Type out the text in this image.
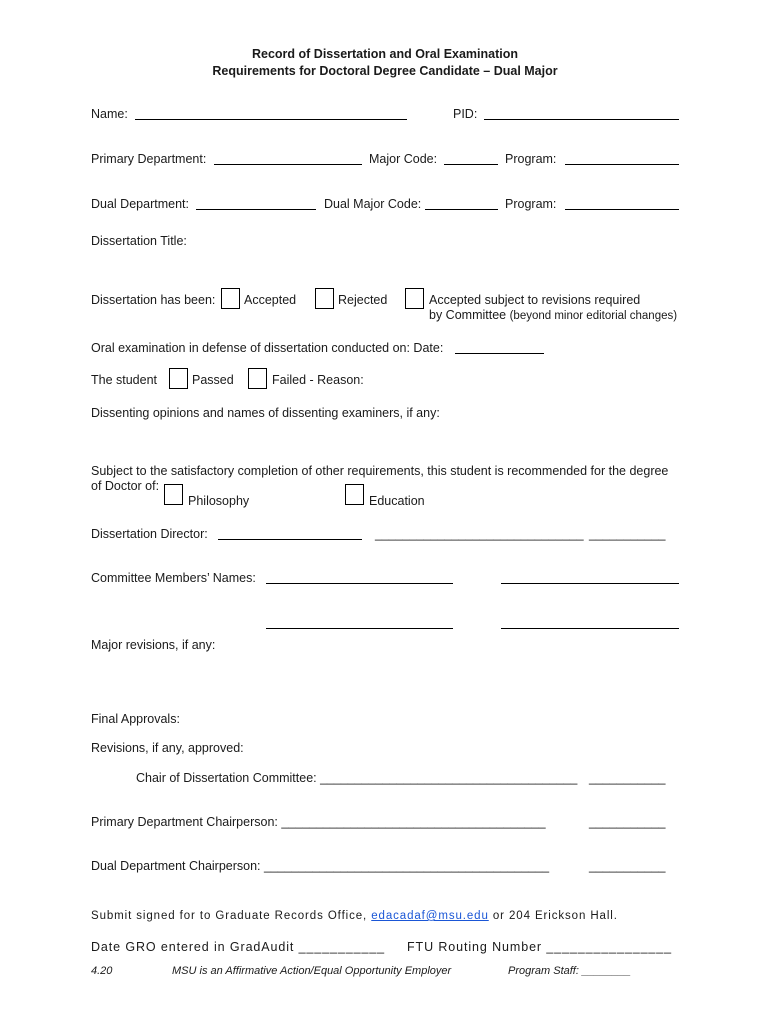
Record of Dissertation and Oral Examination
Requirements for Doctoral Degree Candidate – Dual Major
Name:	PID:
Primary Department:	Major Code:	Program:
Dual Department:	Dual Major Code:	Program:
Dissertation Title:
Dissertation has been: Accepted	Rejected	Accepted subject to revisions required
by Committee (beyond minor editorial changes)
Oral examination in defense of dissertation conducted on: Date:
The student	Passed	Failed - Reason:
Dissenting opinions and names of dissenting examiners, if any:
Subject to the satisfactory completion of other requirements, this student is recommended for the degree
of Doctor of:
Philosophy	Education
Dissertation Director:	______________________________ ___________
Committee Members’ Names:
Major revisions, if any:
Final Approvals:
Revisions, if any, approved:
Chair of Dissertation Committee: _____________________________________ ___________
Primary Department Chairperson: ______________________________________	___________
Dual Department Chairperson: _________________________________________	___________
Submit signed for to Graduate Records Office, edacadaf@msu.edu or 204 Erickson Hall.
Date GRO entered in GradAudit ___________ FTU Routing Number ________________
4.20	MSU is an Affirmative Action/Equal Opportunity Employer	Program Staff: ________
